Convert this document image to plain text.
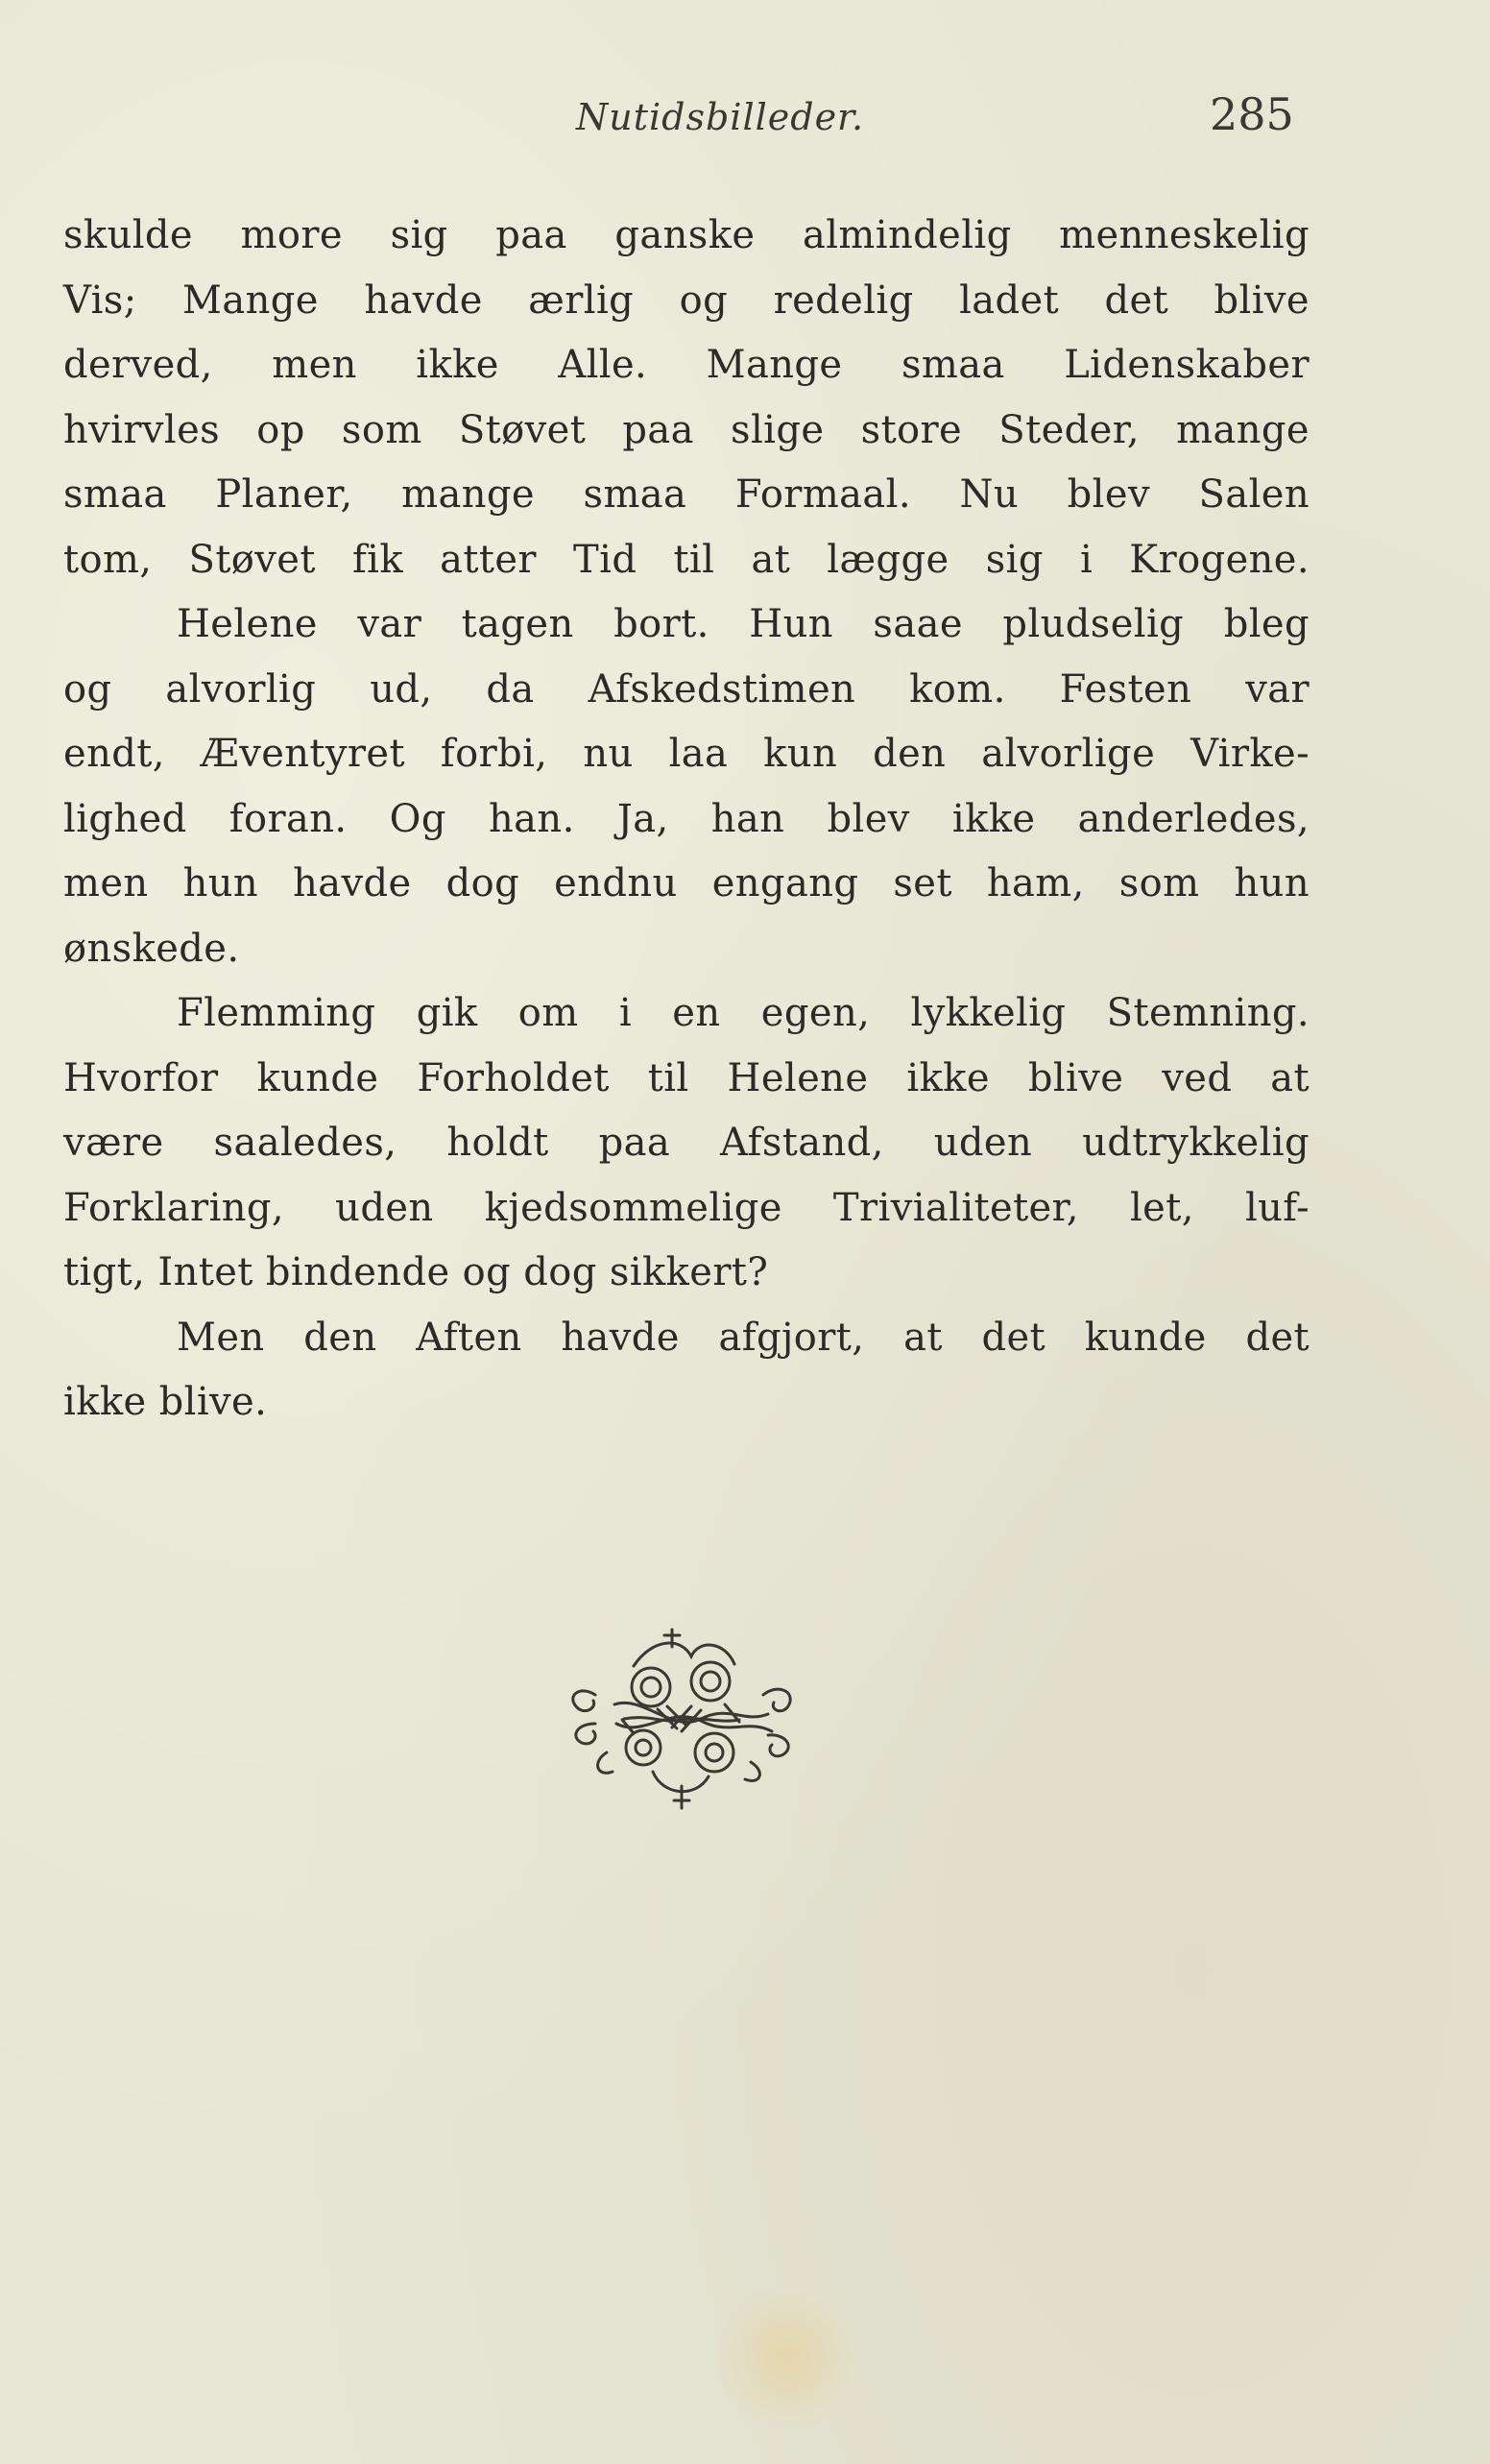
Nutidsbilleder.	285
skulde more sig paa ganske almindelig menneskelig
Vis; Mange havde ærlig og redelig ladet det blive
derved, men ikke Alle. Mange smaa Lidenskaber
hvirvles op som Støvet paa slige store Steder, mange
smaa Planer, mange smaa Formaal. Nu blev Salen
tom, Støvet fik atter Tid til at lægge sig i Krogene.
Helene var tagen bort. Hun saae pludselig bleg
og alvorlig ud, da Afskedstimen kom. Festen var
endt, Æventyret forbi, nu laa kun den alvorlige Virke-
lighed foran. Og han. Ja, han blev ikke anderledes,
men hun havde dog endnu engang set ham, som hun
ønskede.
Flemming gik om i en egen, lykkelig Stemning.
Hvorfor kunde Forholdet til Helene ikke blive ved at
være saaledes, holdt paa Afstand, uden udtrykkelig
Forklaring, uden kjedsommelige Trivialiteter, let, luf-
tigt, Intet bindende og dog sikkert?
Men den Aften havde afgjort, at det kunde det
ikke blive.
